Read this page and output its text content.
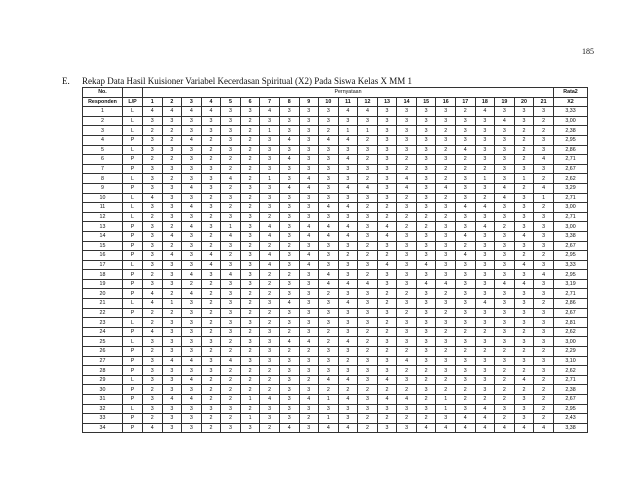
185
E. Rekap Data Hasil Kuisioner Variabel Kecerdasan Spiritual (X2) Pada Siswa Kelas X MM 1
No.		Pernyataan																					Rata2
Responden	L/P	1	2	3	4	5	6	7	8	9	10	11	12	13	14	15	16	17	18	19	20	21	X2
1	L	4	4	4	4	3	3	4	3	3	3	4	4	3	3	3	3	2	4	3	3	3	3,33
2	L	3	3	3	3	3	2	3	3	3	3	3	3	3	3	3	3	3	3	4	3	2	3,00
3	L	2	2	3	3	3	2	1	3	3	2	1	1	3	3	3	2	3	3	3	2	2	2,38
4	P	3	2	4	2	3	2	3	4	3	4	4	2	3	3	3	3	3	3	3	2	3	2,95
5	L	3	3	3	2	3	2	3	3	3	3	3	3	3	3	3	2	4	3	3	2	3	2,86
6	P	2	2	3	2	2	2	3	4	3	3	4	2	3	2	3	3	2	3	3	2	4	2,71
7	P	3	3	3	3	2	2	3	3	3	3	3	3	3	2	3	2	2	2	3	3	3	2,67
8	L	3	2	3	3	4	2	1	3	4	3	3	2	3	4	3	2	3	1	3	1	2	2,62
9	P	3	3	4	3	2	3	3	4	4	3	4	4	3	4	3	4	3	3	4	2	4	3,29
10	L	4	3	3	2	3	2	3	3	3	3	3	3	3	2	3	2	3	2	4	3	1	2,71
11	L	3	3	4	3	2	2	3	3	3	4	4	2	2	3	3	3	4	4	3	3	2	3,00
12	L	2	3	3	2	3	3	2	3	3	3	3	3	2	2	2	2	3	3	3	3	3	2,71
13	P	3	2	4	3	1	3	4	3	4	4	4	3	4	2	2	3	3	4	2	3	3	3,00
14	P	3	4	3	2	4	3	4	3	4	4	4	3	4	3	3	3	4	3	3	4	3	3,38
15	P	3	2	3	2	3	2	2	2	3	3	3	2	3	3	3	3	2	3	3	3	3	2,67
16	P	3	4	3	4	2	3	4	3	4	3	2	2	2	3	3	3	4	3	3	2	2	2,95
17	L	3	3	3	4	3	3	4	3	4	3	3	3	4	3	4	3	3	3	3	4	3	3,33
18	P	2	3	4	3	4	3	2	2	3	4	3	2	3	3	3	3	3	3	3	3	4	2,95
19	P	3	3	2	2	3	3	2	3	3	4	4	4	3	3	4	4	3	3	4	4	3	3,19
20	P	4	2	4	2	3	2	2	3	3	2	3	3	2	2	3	2	3	3	3	3	3	2,71
21	L	4	1	3	2	3	2	3	4	3	3	4	3	2	3	3	3	3	4	3	3	2	2,86
22	P	2	2	3	2	3	2	2	3	3	3	3	3	3	2	3	2	3	3	3	3	3	2,67
23	L	2	3	3	2	3	3	2	3	3	3	3	3	2	3	3	3	3	3	3	3	3	2,81
24	P	4	3	3	2	3	2	3	2	3	2	3	2	2	3	3	2	2	2	3	2	3	2,62
25	L	3	3	3	3	2	3	3	4	4	2	4	2	3	3	3	3	3	3	3	3	3	3,00
26	P	2	3	3	2	2	2	3	2	2	3	3	2	2	2	3	2	2	2	2	2	2	2,29
27	P	3	4	4	3	4	3	3	3	3	3	2	3	3	4	3	3	3	3	3	3	3	3,10
28	P	3	3	3	3	2	2	2	3	3	3	3	3	3	2	2	3	3	3	2	2	3	2,62
29	L	3	3	4	2	2	2	2	3	2	4	4	3	4	3	2	2	3	3	2	4	2	2,71
30	P	2	3	3	2	2	2	2	3	3	2	2	2	2	2	3	2	2	3	2	2	2	2,38
31	P	3	4	4	2	2	1	4	3	4	1	4	3	4	4	2	1	2	2	2	3	2	2,67
32	L	3	3	3	3	3	2	3	3	3	3	3	3	3	3	3	1	3	4	3	3	2	2,95
33	P	2	3	3	2	2	1	3	3	2	1	3	2	2	2	2	3	4	4	2	3	2	2,43
34	P	4	3	3	2	3	3	2	4	3	4	4	2	3	3	4	4	4	4	4	4	4	3,38
